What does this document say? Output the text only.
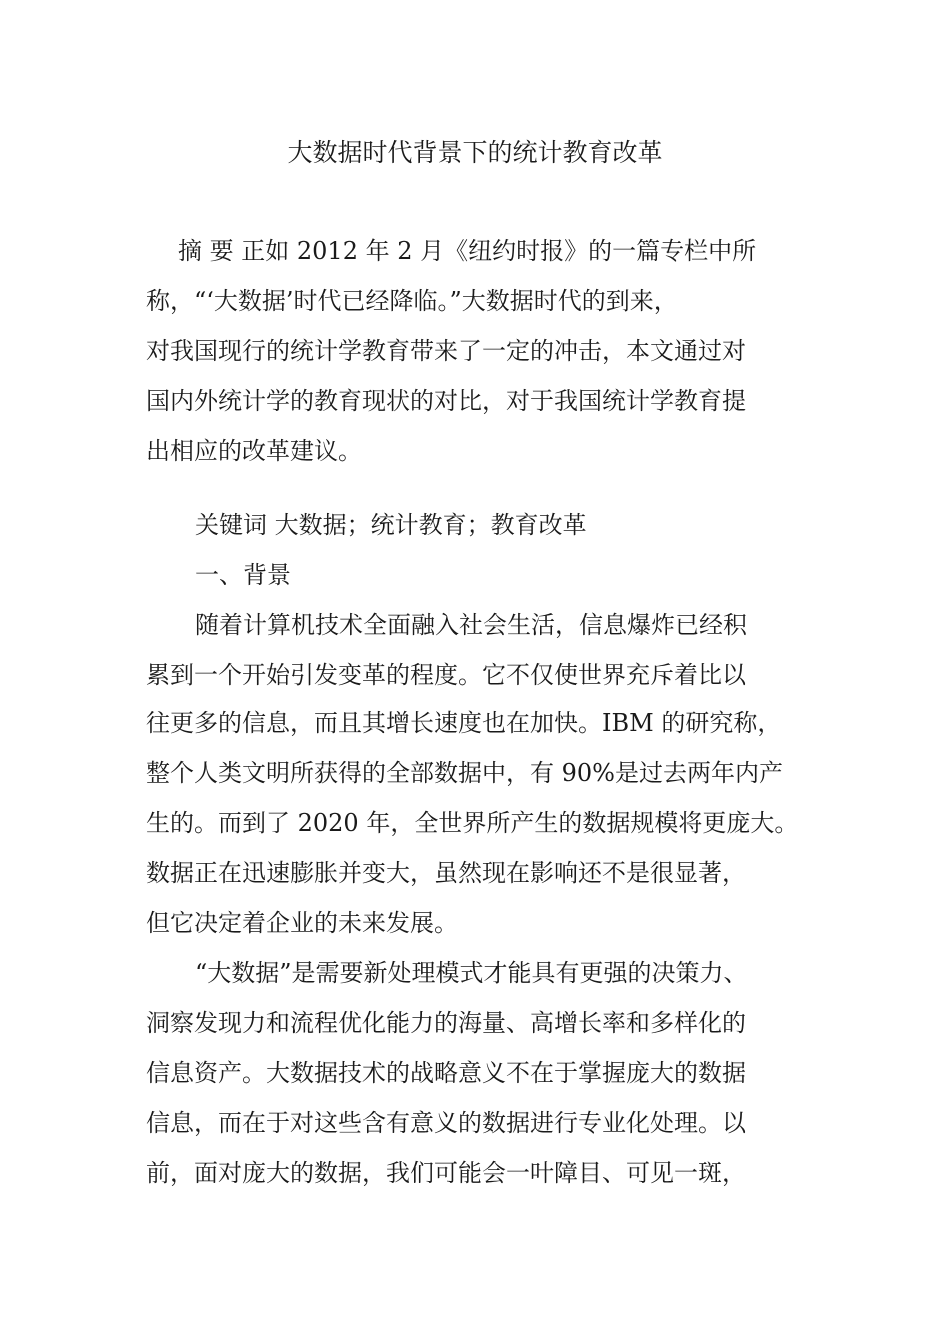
大数据时代背景下的统计教育改革
摘 要 正如 2012 年 2 月《纽约时报》的一篇专栏中所
称，“‘大数据’时代已经降临。”大数据时代的到来，
对我国现行的统计学教育带来了一定的冲击，本文通过对
国内外统计学的教育现状的对比，对于我国统计学教育提
出相应的改革建议。
关键词 大数据；统计教育；教育改革
一、背景
随着计算机技术全面融入社会生活，信息爆炸已经积
累到一个开始引发变革的程度。它不仅使世界充斥着比以
往更多的信息，而且其增长速度也在加快。IBM 的研究称，
整个人类文明所获得的全部数据中，有 90%是过去两年内产
生的。而到了 2020 年，全世界所产生的数据规模将更庞大。
数据正在迅速膨胀并变大，虽然现在影响还不是很显著，
但它决定着企业的未来发展。
“大数据”是需要新处理模式才能具有更强的决策力、
洞察发现力和流程优化能力的海量、高增长率和多样化的
信息资产。大数据技术的战略意义不在于掌握庞大的数据
信息，而在于对这些含有意义的数据进行专业化处理。以
前，面对庞大的数据，我们可能会一叶障目、可见一斑，
